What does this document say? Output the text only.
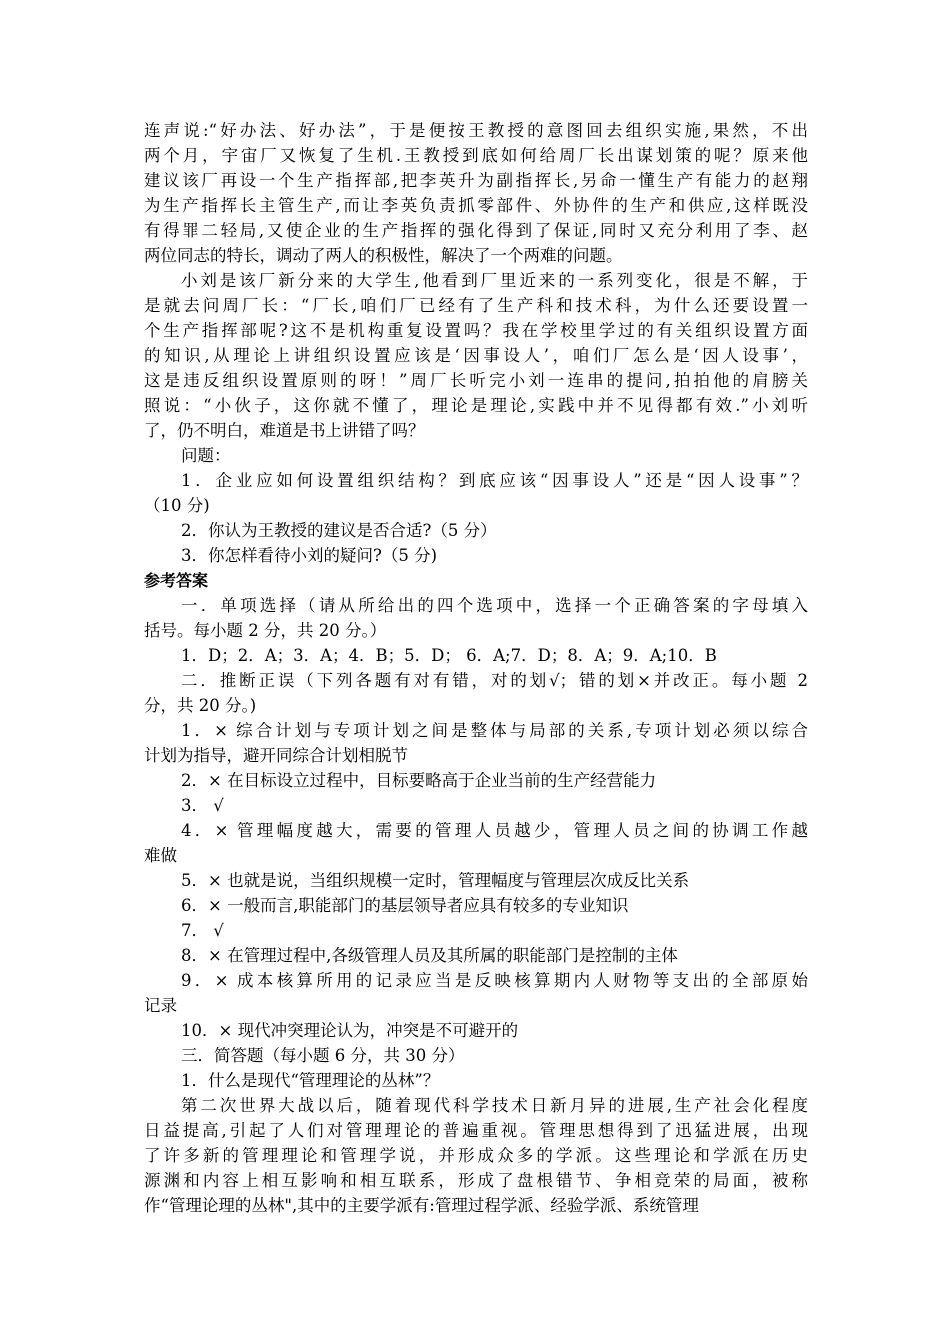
连声说:“好办法、好办法”，于是便按王教授的意图回去组织实施,果然，不出
两个月，宇宙厂又恢复了生机.王教授到底如何给周厂长出谋划策的呢？原来他
建议该厂再设一个生产指挥部,把李英升为副指挥长,另命一懂生产有能力的赵翔
为生产指挥长主管生产,而让李英负责抓零部件、外协件的生产和供应,这样既没
有得罪二轻局,又使企业的生产指挥的强化得到了保证,同时又充分利用了李、赵
两位同志的特长，调动了两人的积极性，解决了一个两难的问题。
小刘是该厂新分来的大学生,他看到厂里近来的一系列变化，很是不解，于
是就去问周厂长：“厂长,咱们厂已经有了生产科和技术科，为什么还要设置一
个生产指挥部呢?这不是机构重复设置吗？我在学校里学过的有关组织设置方面
的知识,从理论上讲组织设置应该是‘因事设人’，咱们厂怎么是‘因人设事’，
这是违反组织设置原则的呀！”周厂长听完小刘一连串的提问,拍拍他的肩膀关
照说：“小伙子，这你就不懂了，理论是理论,实践中并不见得都有效.”小刘听
了，仍不明白，难道是书上讲错了吗？
问题：
1．企业应如何设置组织结构？到底应该“因事设人”还是“因人设事”？
（10 分)
2．你认为王教授的建议是否合适?（5 分）
3．你怎样看待小刘的疑问?（5 分)
参考答案
一．单项选择（请从所给出的四个选项中，选择一个正确答案的字母填入
括号。每小题 2 分，共 20 分。）
1．D；2．A；3．A；4．B；5．D； 6．A;7．D；8．A；9．A;10．B
二．推断正误（下列各题有对有错，对的划√；错的划×并改正。每小题 2
分，共 20 分。)
1．× 综合计划与专项计划之间是整体与局部的关系,专项计划必须以综合
计划为指导，避开同综合计划相脱节
2．× 在目标设立过程中，目标要略高于企业当前的生产经营能力
3． √
4．× 管理幅度越大，需要的管理人员越少，管理人员之间的协调工作越
难做
5．× 也就是说，当组织规模一定时，管理幅度与管理层次成反比关系
6．× 一般而言,职能部门的基层领导者应具有较多的专业知识
7． √
8．× 在管理过程中,各级管理人员及其所属的职能部门是控制的主体
9．× 成本核算所用的记录应当是反映核算期内人财物等支出的全部原始
记录
10．× 现代冲突理论认为，冲突是不可避开的
三．简答题（每小题 6 分，共 30 分）
1．什么是现代“管理理论的丛林”？
第二次世界大战以后，随着现代科学技术日新月异的进展,生产社会化程度
日益提高,引起了人们对管理理论的普遍重视。管理思想得到了迅猛进展，出现
了许多新的管理理论和管理学说，并形成众多的学派。这些理论和学派在历史
源渊和内容上相互影响和相互联系，形成了盘根错节、争相竞荣的局面，被称
作“管理论理的丛林",其中的主要学派有:管理过程学派、经验学派、系统管理
